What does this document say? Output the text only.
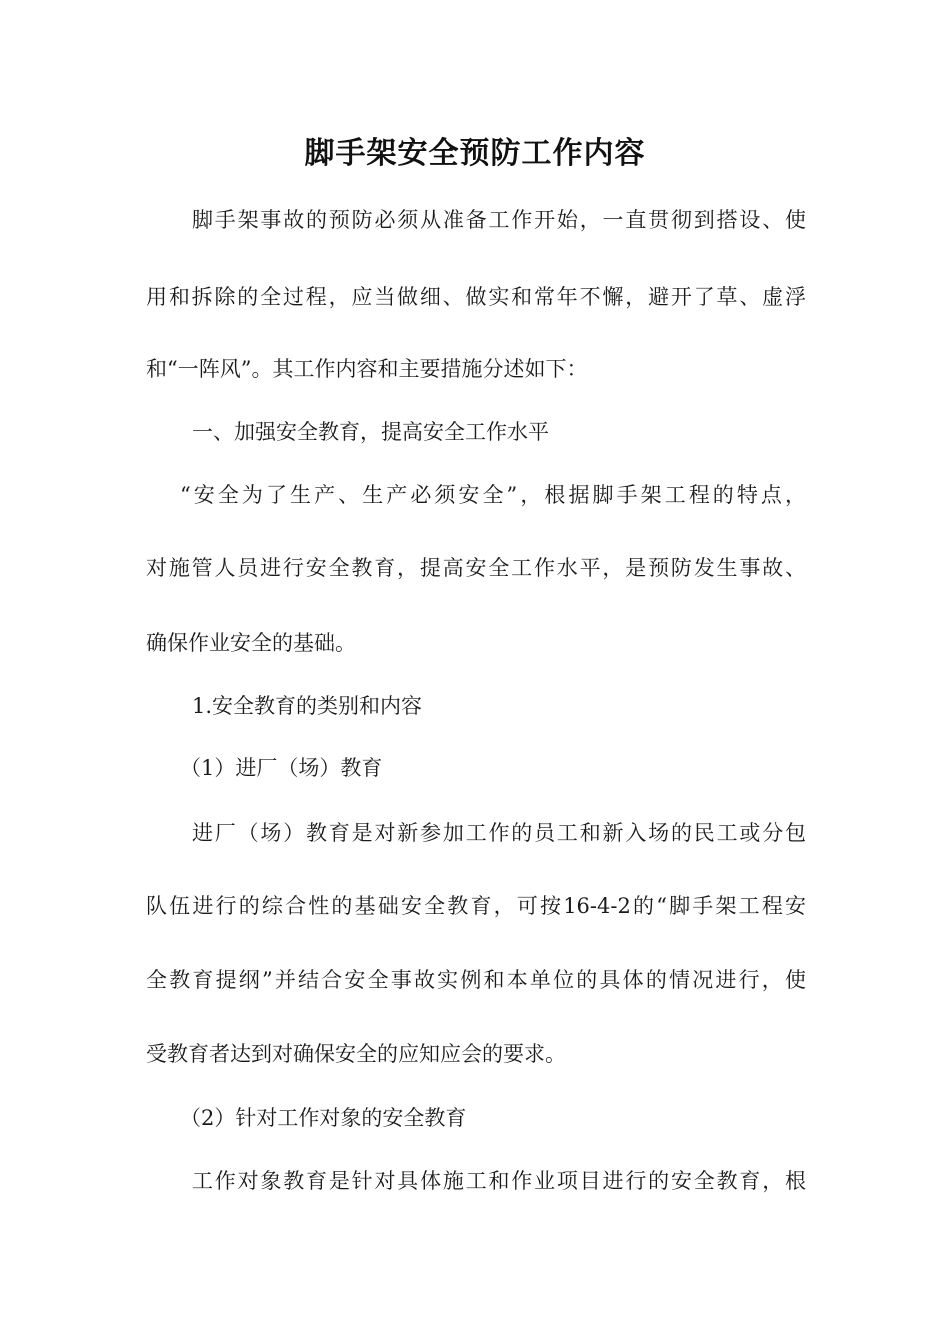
脚手架安全预防工作内容
脚手架事故的预防必须从准备工作开始，一直贯彻到搭设、使
用和拆除的全过程，应当做细、做实和常年不懈，避开了草、虚浮
和“一阵风”。其工作内容和主要措施分述如下：
一、加强安全教育，提高安全工作水平
“安全为了生产、生产必须安全”，根据脚手架工程的特点，
对施管人员进行安全教育，提高安全工作水平，是预防发生事故、
确保作业安全的基础。
1.安全教育的类别和内容
（1）进厂（场）教育
进厂（场）教育是对新参加工作的员工和新入场的民工或分包
队伍进行的综合性的基础安全教育，可按16-4-2的“脚手架工程安
全教育提纲”并结合安全事故实例和本单位的具体的情况进行，使
受教育者达到对确保安全的应知应会的要求。
（2）针对工作对象的安全教育
工作对象教育是针对具体施工和作业项目进行的安全教育，根
